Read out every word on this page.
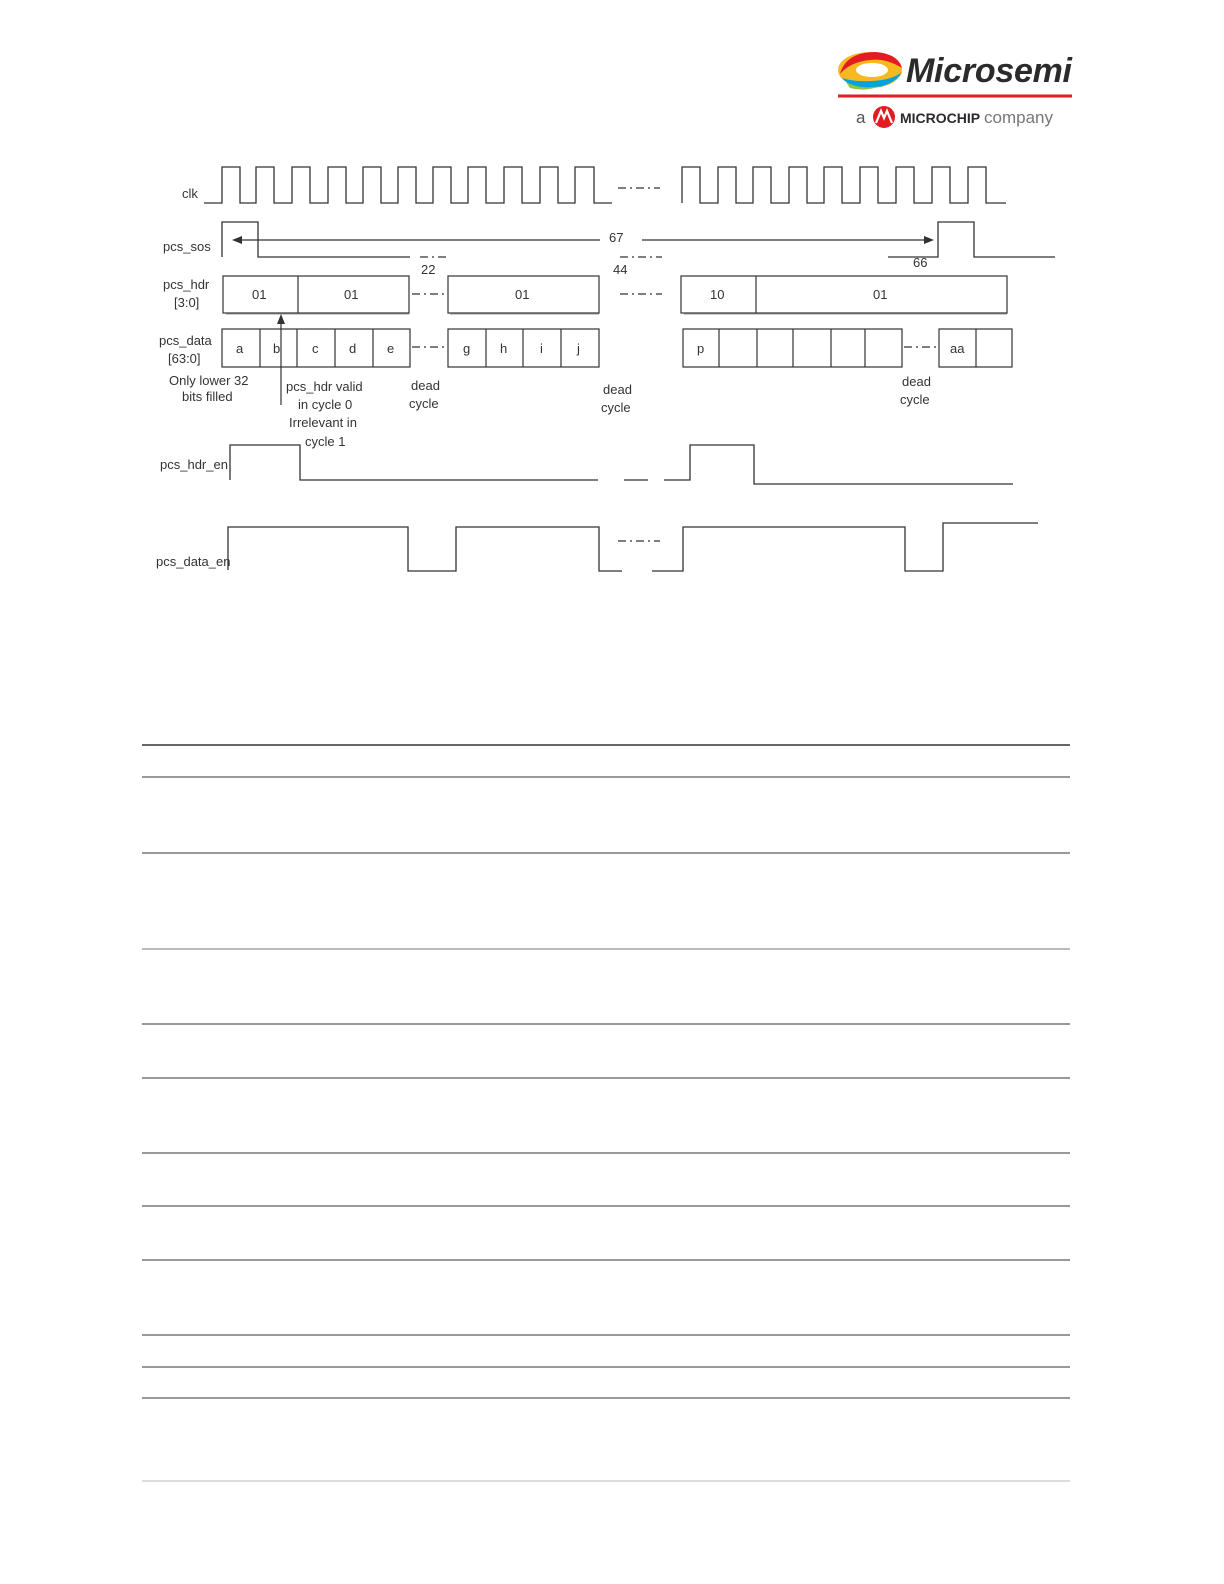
Microsemi
a MICROCHIP company
clk
pcs_sos
pcs_hdr
[3:0]
pcs_data
[63:0]
pcs_hdr_en
pcs_data_en
67
22	44	66
01	01	01	10	01
a b c d e	g h	i	j	p	aa
Only lower 32
bits filled
pcs_hdr valid
in cycle 0
Irrelevant in
cycle 1
dead
cycle
dead
cycle
dead
cycle
